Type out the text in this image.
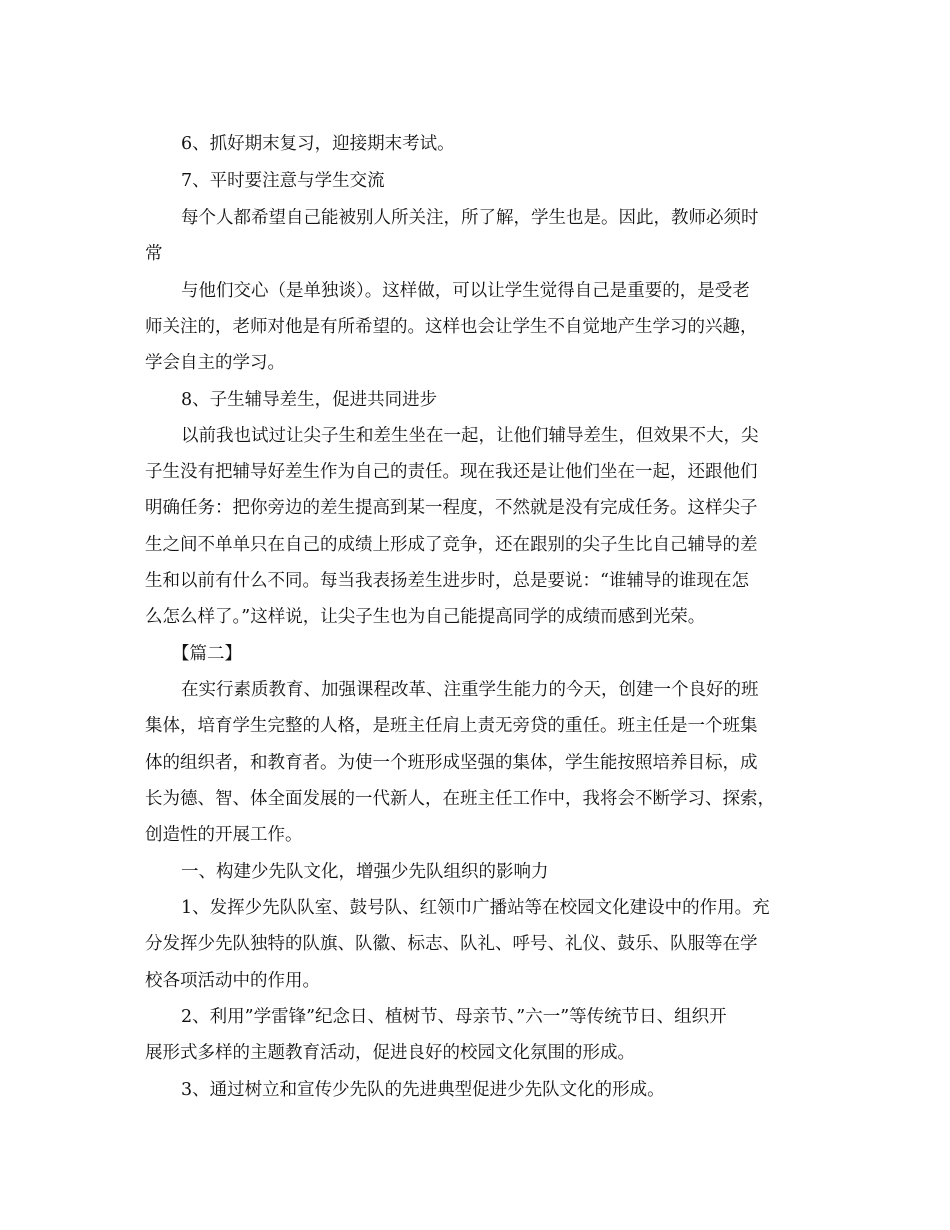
6、抓好期末复习，迎接期末考试。

7、平时要注意与学生交流

每个人都希望自己能被别人所关注，所了解，学生也是。因此，教师必须时

常

与他们交心（是单独谈）。这样做，可以让学生觉得自己是重要的，是受老

师关注的，老师对他是有所希望的。这样也会让学生不自觉地产生学习的兴趣，

学会自主的学习。

8、子生辅导差生，促进共同进步

以前我也试过让尖子生和差生坐在一起，让他们辅导差生，但效果不大，尖

子生没有把辅导好差生作为自己的责任。现在我还是让他们坐在一起，还跟他们

明确任务：把你旁边的差生提高到某一程度，不然就是没有完成任务。这样尖子

生之间不单单只在自己的成绩上形成了竞争，还在跟别的尖子生比自己辅导的差

生和以前有什么不同。每当我表扬差生进步时，总是要说：“谁辅导的谁现在怎

么怎么样了。”这样说，让尖子生也为自己能提高同学的成绩而感到光荣。

【篇二】

在实行素质教育、加强课程改革、注重学生能力的今天，创建一个良好的班

集体，培育学生完整的人格，是班主任肩上责无旁贷的重任。班主任是一个班集

体的组织者，和教育者。为使一个班形成坚强的集体，学生能按照培养目标，成

长为德、智、体全面发展的一代新人，在班主任工作中，我将会不断学习、探索，

创造性的开展工作。

一、构建少先队文化，增强少先队组织的影响力

1、发挥少先队队室、鼓号队、红领巾广播站等在校园文化建设中的作用。充

分发挥少先队独特的队旗、队徽、标志、队礼、呼号、礼仪、鼓乐、队服等在学

校各项活动中的作用。

2、利用”学雷锋”纪念日、植树节、母亲节、”六一”等传统节日、组织开

展形式多样的主题教育活动，促进良好的校园文化氛围的形成。

3、通过树立和宣传少先队的先进典型促进少先队文化的形成。
